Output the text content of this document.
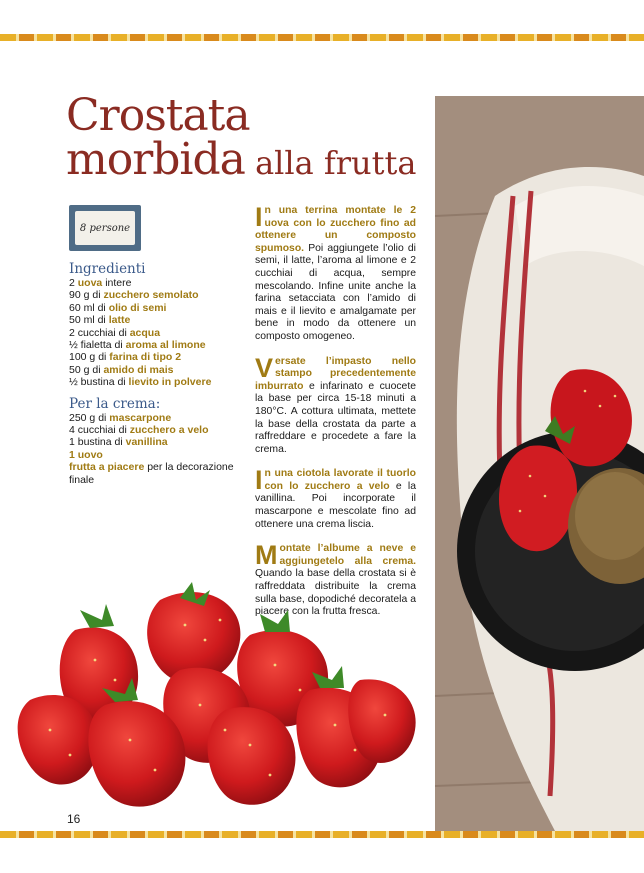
Crostata
morbida alla frutta
8 persone
Ingredienti
2 uova intere
90 g di zucchero semolato
60 ml di olio di semi
50 ml di latte
2 cucchiai di acqua
½ fialetta di aroma al limone
100 g di farina di tipo 2
50 g di amido di mais
½ bustina di lievito in polvere
Per la crema:
250 g di mascarpone
4 cucchiai di zucchero a velo
1 bustina di vanillina
1 uovo
frutta a piacere per la decorazione finale
In una terrina montate le 2 uova con lo zucchero fino ad ottenere un composto spumoso. Poi aggiungete l’olio di semi, il latte, l’aroma al limone e 2 cucchiai di acqua, sempre mescolando. Infine unite anche la farina setacciata con l’amido di mais e il lievito e amalgamate per bene in modo da ottenere un composto omogeneo.
Versate l’impasto nello stampo precedentemente imburrato e infarinato e cuocete la base per circa 15-18 minuti a 180°C. A cottura ultimata, mettete la base della crostata da parte a raffreddare e procedete a fare la crema.
In una ciotola lavorate il tuorlo con lo zucchero a velo e la vanillina. Poi incorporate il mascarpone e mescolate fino ad ottenere una crema liscia.
Montate l’albume a neve e aggiungetelo alla crema. Quando la base della crostata si è raffreddata distribuite la crema sulla base, dopodiché decoratela a piacere con la frutta fresca.
16
